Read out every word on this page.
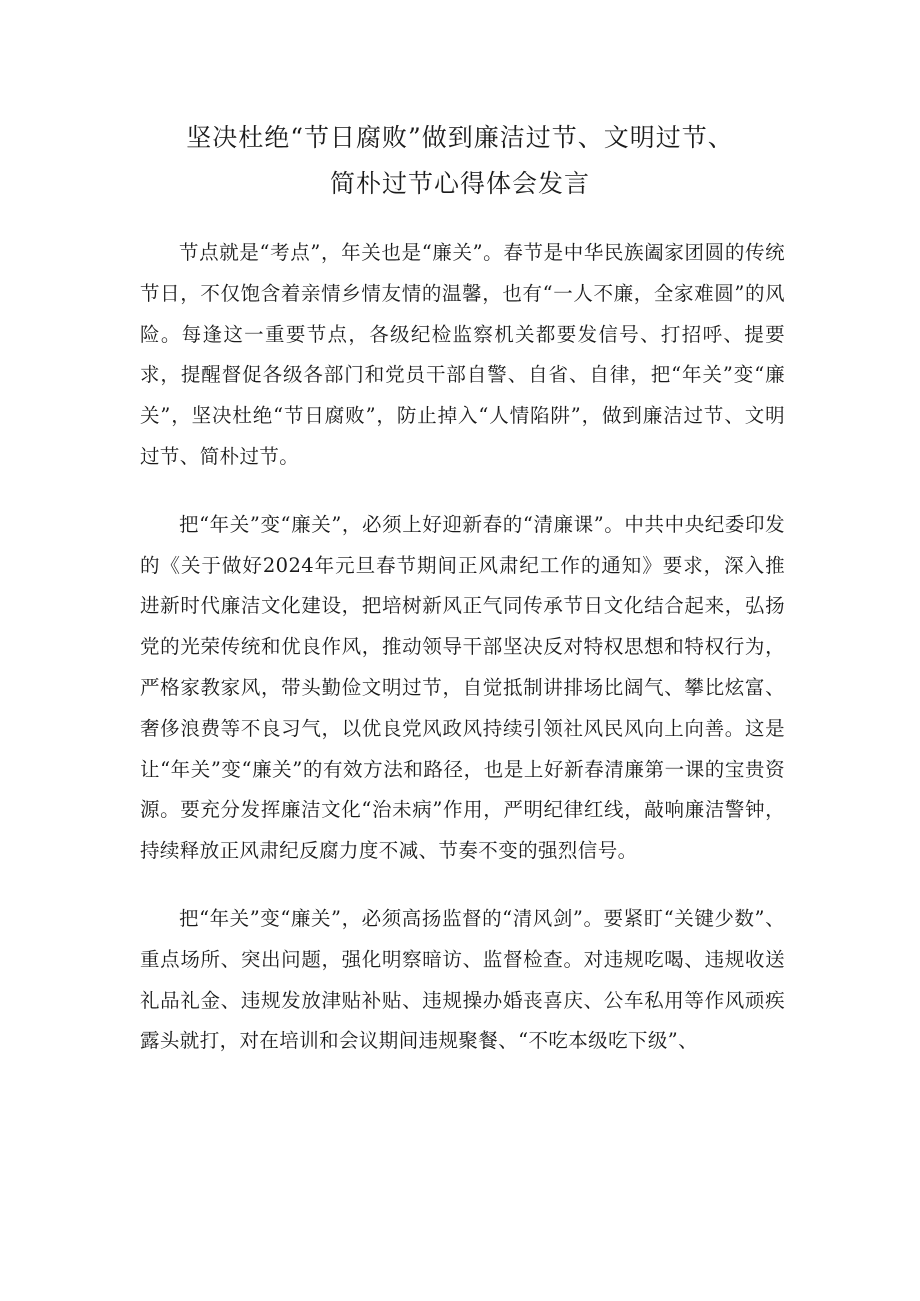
坚决杜绝“节日腐败”做到廉洁过节、文明过节、
简朴过节心得体会发言

节点就是“考点”，年关也是“廉关”。春节是中华民族阖家团圆的传统节日，不仅饱含着亲情乡情友情的温馨，也有“一人不廉，全家难圆”的风险。每逢这一重要节点，各级纪检监察机关都要发信号、打招呼、提要求，提醒督促各级各部门和党员干部自警、自省、自律，把“年关”变“廉关”，坚决杜绝“节日腐败”，防止掉入“人情陷阱”，做到廉洁过节、文明过节、简朴过节。

把“年关”变“廉关”，必须上好迎新春的“清廉课”。中共中央纪委印发的《关于做好2024年元旦春节期间正风肃纪工作的通知》要求，深入推进新时代廉洁文化建设，把培树新风正气同传承节日文化结合起来，弘扬党的光荣传统和优良作风，推动领导干部坚决反对特权思想和特权行为，严格家教家风，带头勤俭文明过节，自觉抵制讲排场比阔气、攀比炫富、奢侈浪费等不良习气，以优良党风政风持续引领社风民风向上向善。这是让“年关”变“廉关”的有效方法和路径，也是上好新春清廉第一课的宝贵资源。要充分发挥廉洁文化“治未病”作用，严明纪律红线，敲响廉洁警钟，持续释放正风肃纪反腐力度不减、节奏不变的强烈信号。

把“年关”变“廉关”，必须高扬监督的“清风剑”。要紧盯“关键少数”、重点场所、突出问题，强化明察暗访、监督检查。对违规吃喝、违规收送礼品礼金、违规发放津贴补贴、违规操办婚丧喜庆、公车私用等作风顽疾露头就打，对在培训和会议期间违规聚餐、“不吃本级吃下级”、
